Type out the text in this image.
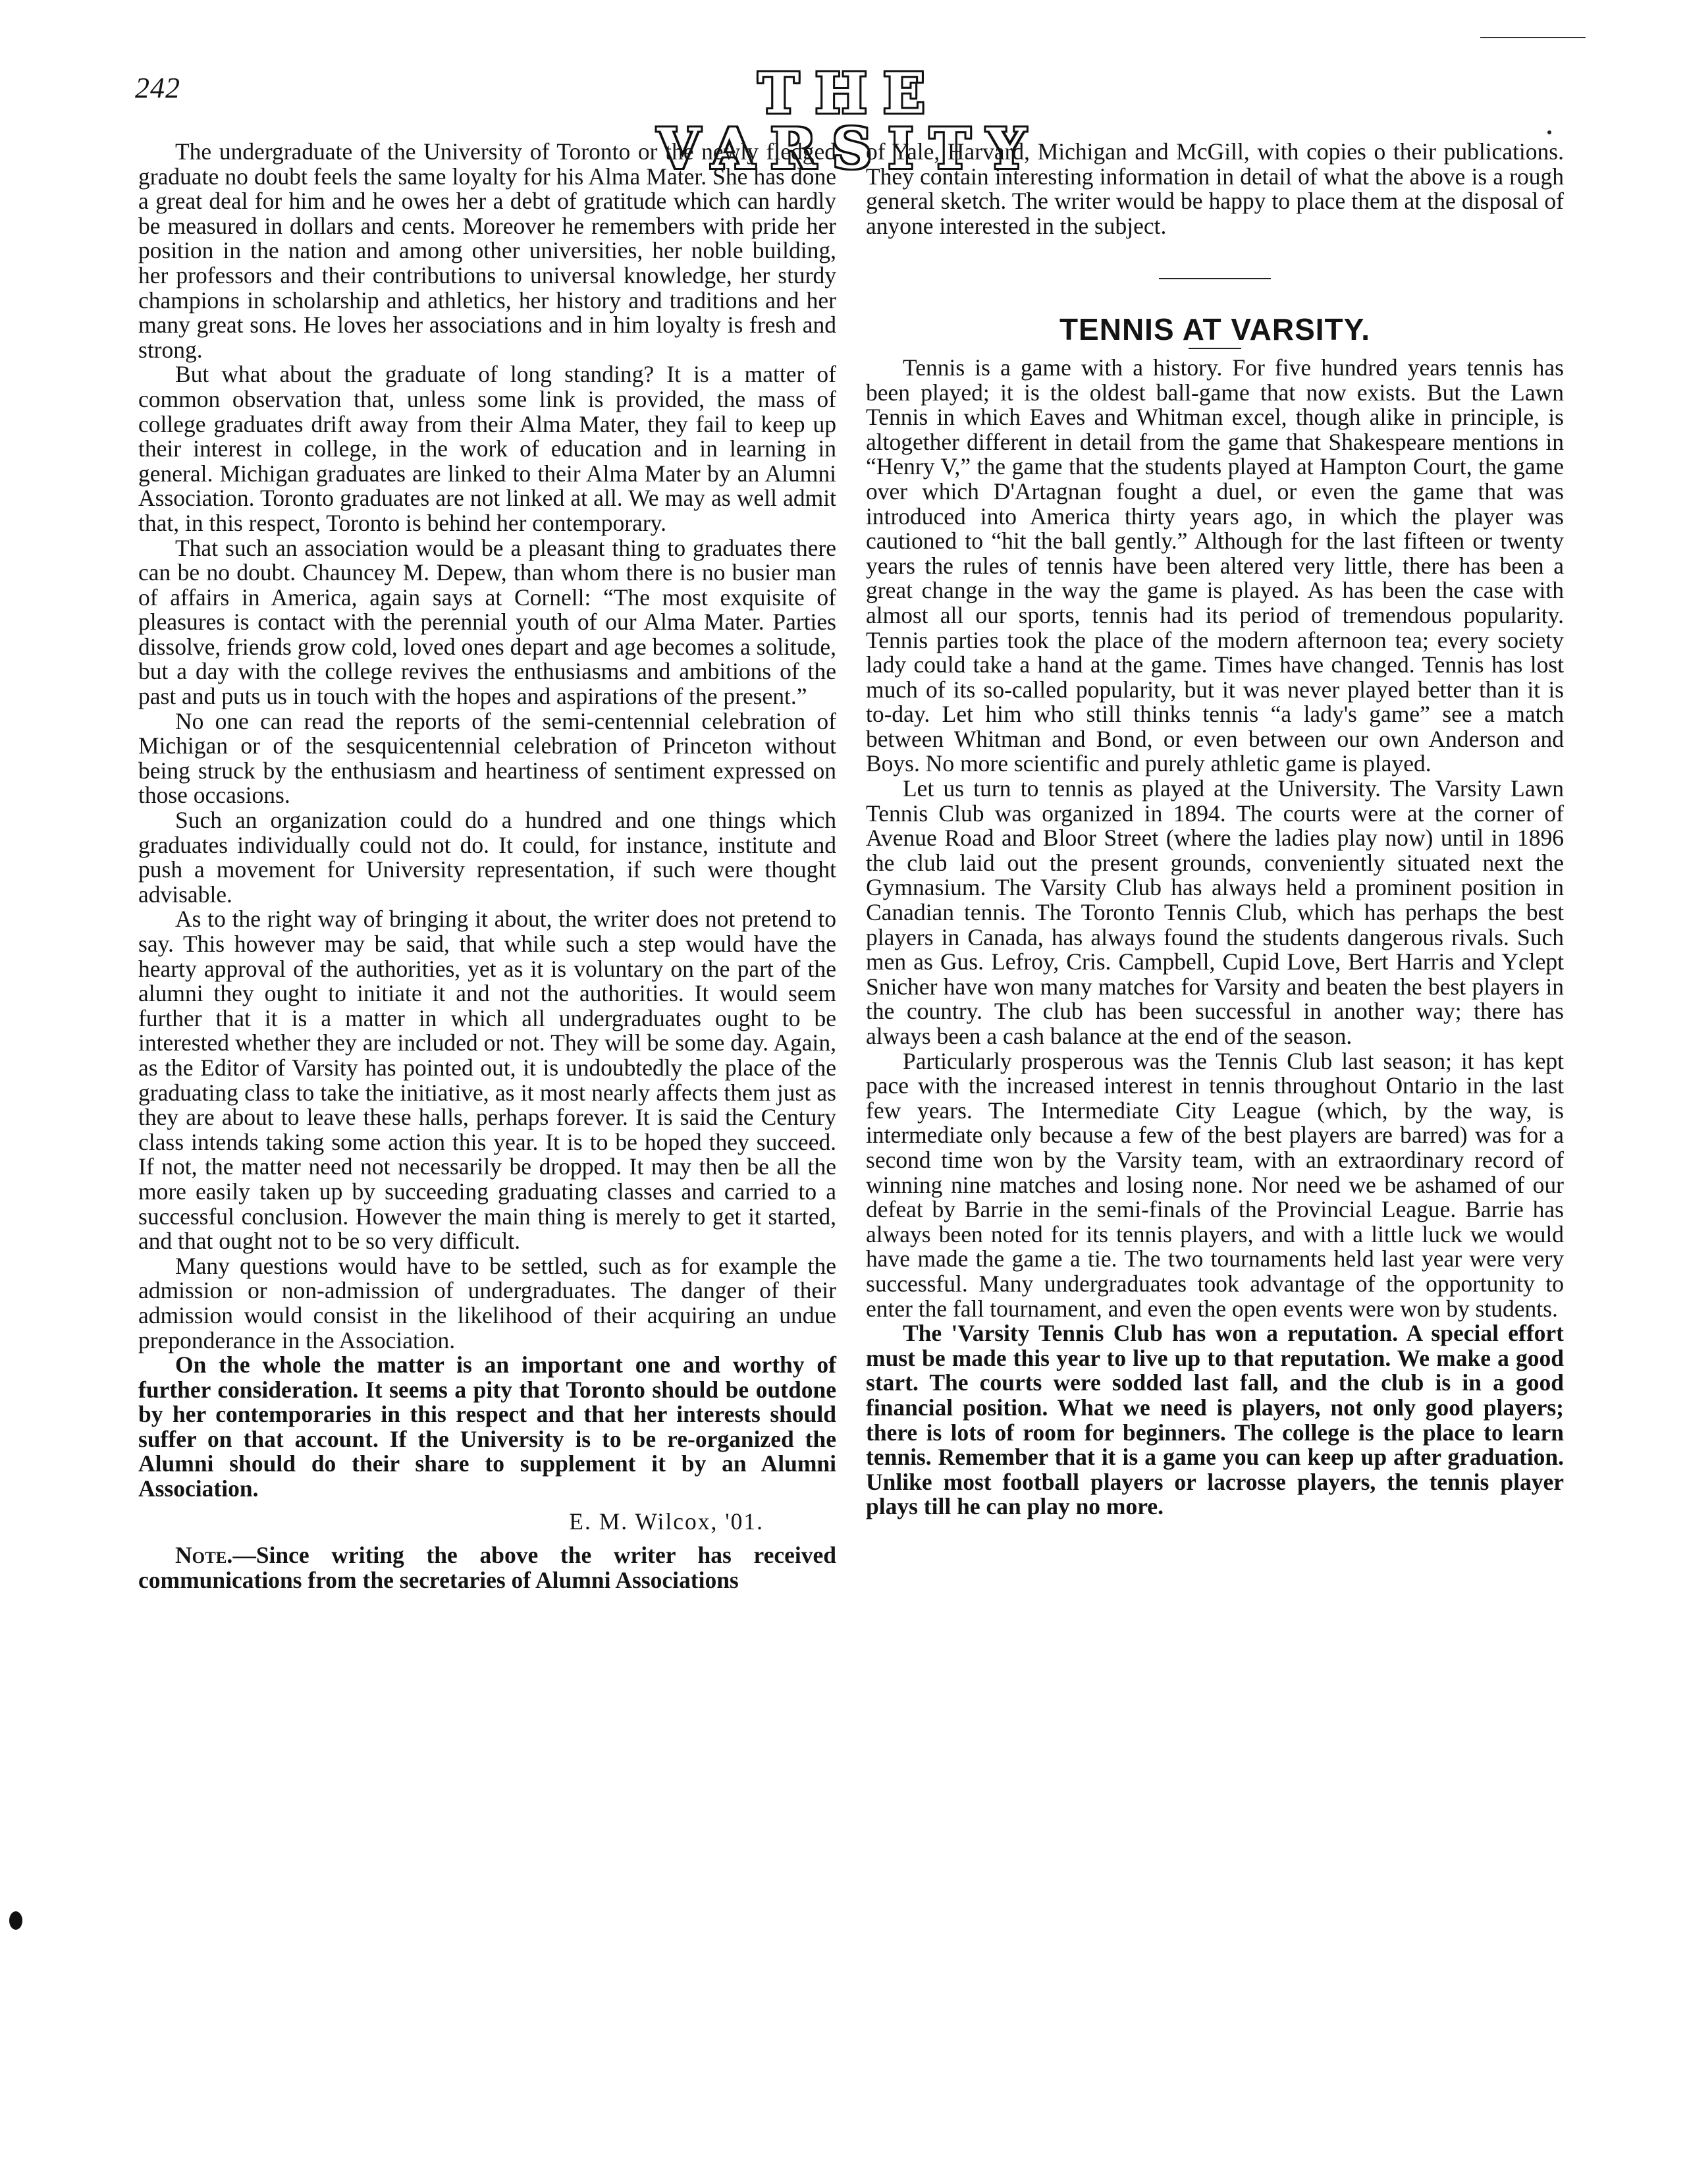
242	THE VARSITY

The undergraduate of the University of Toronto or the newly fledged graduate no doubt feels the same loyalty for his Alma Mater. She has done a great deal for him and he owes her a debt of gratitude which can hardly be measured in dollars and cents. Moreover he remembers with pride her position in the nation and among other universities, her noble building, her professors and their contributions to universal knowledge, her sturdy champions in scholarship and athletics, her history and traditions and her many great sons. He loves her associations and in him loyalty is fresh and strong.

But what about the graduate of long standing? It is a matter of common observation that, unless some link is provided, the mass of college graduates drift away from their Alma Mater, they fail to keep up their interest in college, in the work of education and in learning in general. Michigan graduates are linked to their Alma Mater by an Alumni Association. Toronto graduates are not linked at all. We may as well admit that, in this respect, Toronto is behind her contemporary.

That such an association would be a pleasant thing to graduates there can be no doubt. Chauncey M. Depew, than whom there is no busier man of affairs in America, again says at Cornell: “The most exquisite of pleasures is contact with the perennial youth of our Alma Mater. Parties dissolve, friends grow cold, loved ones depart and age becomes a solitude, but a day with the college revives the enthusiasms and ambitions of the past and puts us in touch with the hopes and aspirations of the present.”

No one can read the reports of the semi-centennial celebration of Michigan or of the sesquicentennial celebration of Princeton without being struck by the enthusiasm and heartiness of sentiment expressed on those occasions.

Such an organization could do a hundred and one things which graduates individually could not do. It could, for instance, institute and push a movement for University representation, if such were thought advisable.

As to the right way of bringing it about, the writer does not pretend to say. This however may be said, that while such a step would have the hearty approval of the authorities, yet as it is voluntary on the part of the alumni they ought to initiate it and not the authorities. It would seem further that it is a matter in which all undergraduates ought to be interested whether they are included or not. They will be some day. Again, as the Editor of Varsity has pointed out, it is undoubtedly the place of the graduating class to take the initiative, as it most nearly affects them just as they are about to leave these halls, perhaps forever. It is said the Century class intends taking some action this year. It is to be hoped they succeed. If not, the matter need not necessarily be dropped. It may then be all the more easily taken up by succeeding graduating classes and carried to a successful conclusion. However the main thing is merely to get it started, and that ought not to be so very difficult.

Many questions would have to be settled, such as for example the admission or non-admission of undergraduates. The danger of their admission would consist in the likelihood of their acquiring an undue preponderance in the Association.

On the whole the matter is an important one and worthy of further consideration. It seems a pity that Toronto should be outdone by her contemporaries in this respect and that her interests should suffer on that account. If the University is to be re-organized the Alumni should do their share to supplement it by an Alumni Association.

E. M. Wilcox, '01.

Note.—Since writing the above the writer has received communications from the secretaries of Alumni Associations

of Yale, Harvard, Michigan and McGill, with copies o their publications. They contain interesting information in detail of what the above is a rough general sketch. The writer would be happy to place them at the disposal of anyone interested in the subject.

TENNIS AT VARSITY.

Tennis is a game with a history. For five hundred years tennis has been played; it is the oldest ball-game that now exists. But the Lawn Tennis in which Eaves and Whitman excel, though alike in principle, is altogether different in detail from the game that Shakespeare mentions in “Henry V,” the game that the students played at Hampton Court, the game over which D'Artagnan fought a duel, or even the game that was introduced into America thirty years ago, in which the player was cautioned to “hit the ball gently.” Although for the last fifteen or twenty years the rules of tennis have been altered very little, there has been a great change in the way the game is played. As has been the case with almost all our sports, tennis had its period of tremendous popularity. Tennis parties took the place of the modern afternoon tea; every society lady could take a hand at the game. Times have changed. Tennis has lost much of its so-called popularity, but it was never played better than it is to-day. Let him who still thinks tennis “a lady's game” see a match between Whitman and Bond, or even between our own Anderson and Boys. No more scientific and purely athletic game is played.

Let us turn to tennis as played at the University. The Varsity Lawn Tennis Club was organized in 1894. The courts were at the corner of Avenue Road and Bloor Street (where the ladies play now) until in 1896 the club laid out the present grounds, conveniently situated next the Gymnasium. The Varsity Club has always held a prominent position in Canadian tennis. The Toronto Tennis Club, which has perhaps the best players in Canada, has always found the students dangerous rivals. Such men as Gus. Lefroy, Cris. Campbell, Cupid Love, Bert Harris and Yclept Snicher have won many matches for Varsity and beaten the best players in the country. The club has been successful in another way; there has always been a cash balance at the end of the season.

Particularly prosperous was the Tennis Club last season; it has kept pace with the increased interest in tennis throughout Ontario in the last few years. The Intermediate City League (which, by the way, is intermediate only because a few of the best players are barred) was for a second time won by the Varsity team, with an extraordinary record of winning nine matches and losing none. Nor need we be ashamed of our defeat by Barrie in the semi-finals of the Provincial League. Barrie has always been noted for its tennis players, and with a little luck we would have made the game a tie. The two tournaments held last year were very successful. Many undergraduates took advantage of the opportunity to enter the fall tournament, and even the open events were won by students.

The 'Varsity Tennis Club has won a reputation. A special effort must be made this year to live up to that reputation. We make a good start. The courts were sodded last fall, and the club is in a good financial position. What we need is players, not only good players; there is lots of room for beginners. The college is the place to learn tennis. Remember that it is a game you can keep up after graduation. Unlike most football players or lacrosse players, the tennis player plays till he can play no more.
